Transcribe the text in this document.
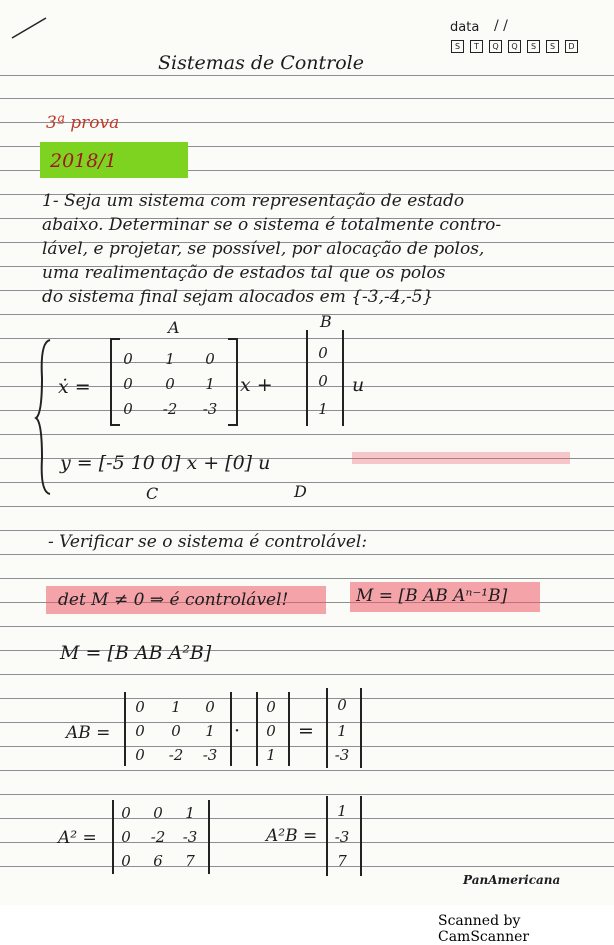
data / /
S	T	Q	Q	S	S	D
Sistemas de Controle
3ª prova
2018/1
1- Seja um sistema com representação de estado
abaixo. Determinar se o sistema é totalmente contro-
lável, e projetar, se possível, por alocação de polos,
uma realimentação de estados tal que os polos
do sistema final sejam alocados em {-3,-4,-5}
A	B
ẋ =
0	1	0
0	0	1
0	-2	-3
x +
0
0
1
u
y = [-5 10 0] x + [0] u
C	D
- Verificar se o sistema é controlável:
det M ≠ 0 ⇒ é controlável!	M = [B AB Aⁿ⁻¹B]
M = [B AB A²B]
AB =
0	1	0
0	0	1
0	-2	-3
·
0
0
1
=
0
1
-3
A² =
0	0	1
0	-2	-3
0	6	7
A²B =
1
-3
7
PanAmericana
Scanned by CamScanner
